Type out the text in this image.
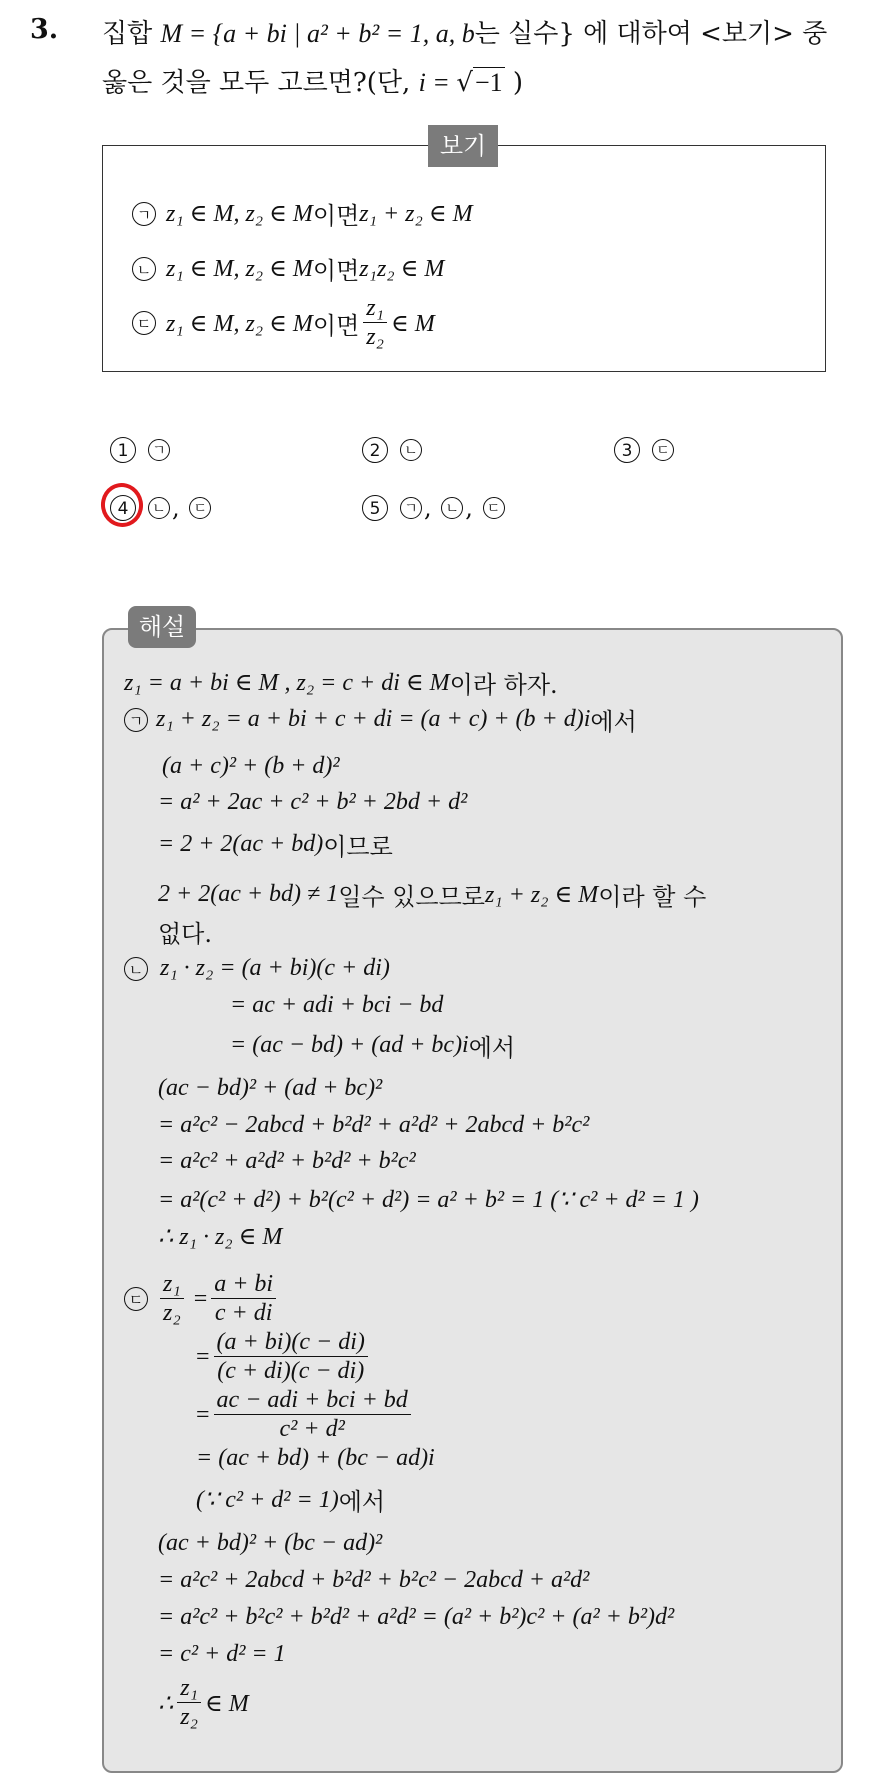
3. 집합 M = {a + bi | a² + b² = 1, a, b는 실수} 에 대하여 <보기> 중
옳은 것을 모두 고르면?(단, i = √−1 )
보기
ㄱ z₁ ∈ M, z₂ ∈ M 이면 z₁ + z₂ ∈ M
ㄴ z₁ ∈ M, z₂ ∈ M 이면 z₁z₂ ∈ M
ㄷ z₁ ∈ M, z₂ ∈ M 이면 $\frac{\text{z₁}}{\text{z₂}}$ ∈ M
1	ㄱ	2	ㄴ	3	ㄷ
4	ㄴ , ㄷ	5	ㄱ , ㄴ , ㄷ
해설
z₁ = a + bi ∈ M , z₂ = c + di ∈ M 이라 하자.
ㄱ z₁ + z₂ = a + bi + c + di = (a + c) + (b + d)i 에서
(a + c)² + (b + d)²
= a² + 2ac + c² + b² + 2bd + d²
= 2 + 2(ac + bd) 이므로
2 + 2(ac + bd) ≠ 1 일수 있으므로 z₁ + z₂ ∈ M 이라 할 수
없다.
ㄴ z₁ · z₂ = (a + bi)(c + di)
= ac + adi + bci − bd
= (ac − bd) + (ad + bc)i 에서
(ac − bd)² + (ad + bc)²
= a²c² − 2abcd + b²d² + a²d² + 2abcd + b²c²
= a²c² + a²d² + b²d² + b²c²
= a²(c² + d²) + b²(c² + d²) = a² + b² = 1 (∵ c² + d² = 1 )
∴ z₁ · z₂ ∈ M
ㄷ $\frac{\text{z₁}}{\text{z₂}} = \frac{a + bi}{c + di}$
= $\frac{(a + bi)(c - di)}{(c + di)(c - di)}$
= $\frac{\text{ac − adi + bci + bd}}{\text{c² + d²}}$
= (ac + bd) + (bc − ad)i
(∵ c² + d² = 1) 에서
(ac + bd)² + (bc − ad)²
= a²c² + 2abcd + b²d² + b²c² − 2abcd + a²d²
= a²c² + b²c² + b²d² + a²d² = (a² + b²)c² + (a² + b²)d²
= c² + d² = 1
∴ $\frac{\text{z₁}}{\text{z₂}}$ ∈ M
